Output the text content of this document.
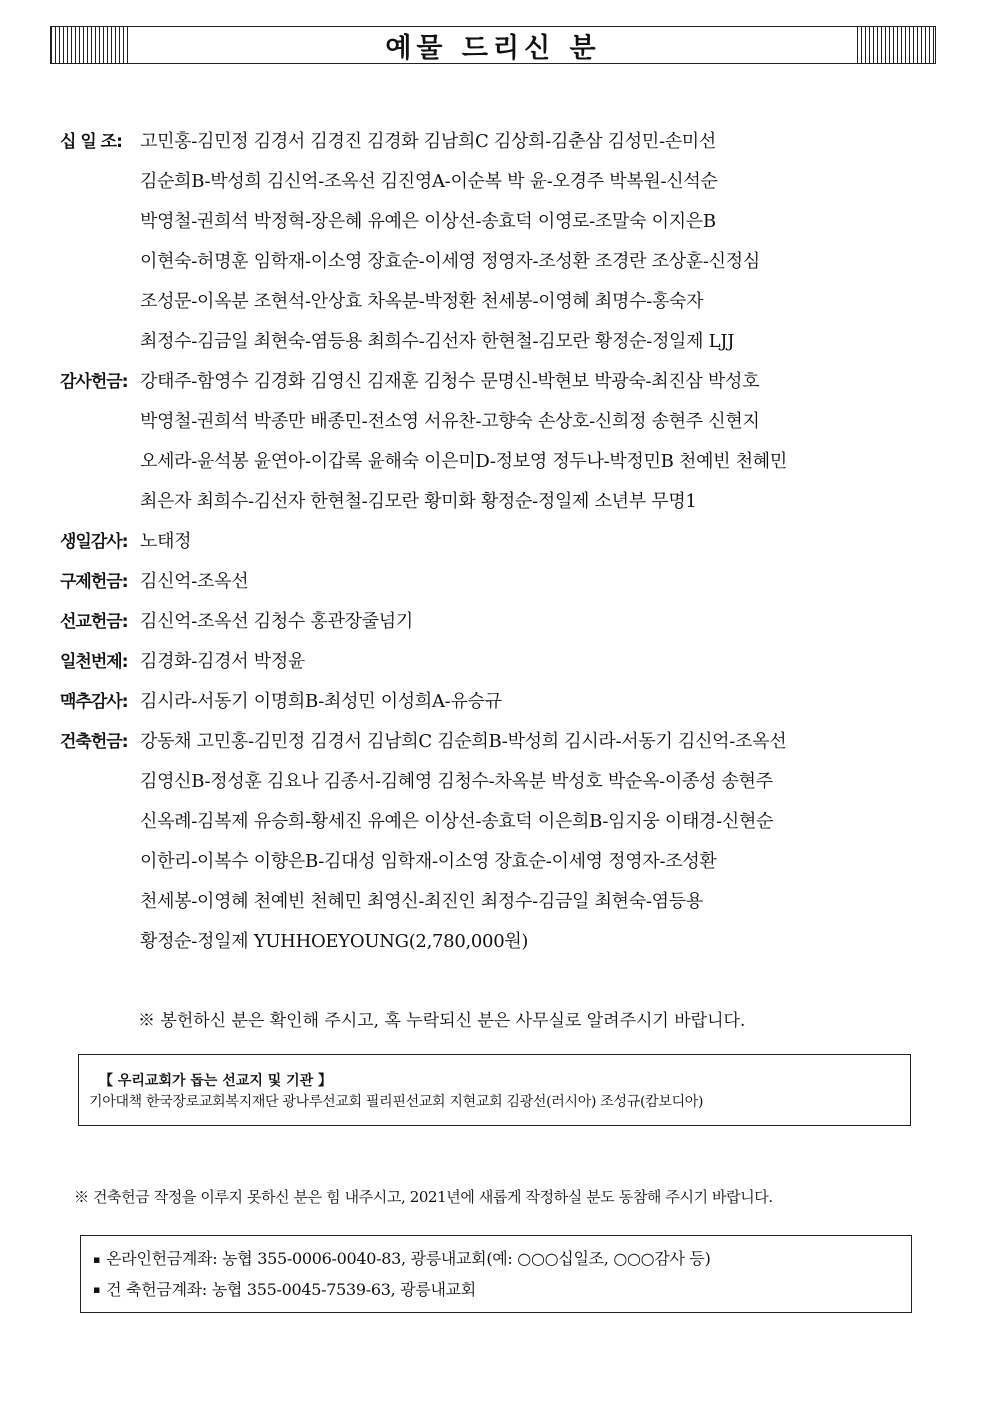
예물 드리신 분
십 일 조:	고민홍-김민정 김경서 김경진 김경화 김남희C 김상희-김춘삼 김성민-손미선
김순희B-박성희 김신억-조옥선 김진영A-이순복 박 윤-오경주 박복원-신석순
박영철-권희석 박정혁-장은혜 유예은 이상선-송효덕 이영로-조말숙 이지은B
이현숙-허명훈 임학재-이소영 장효순-이세영 정영자-조성환 조경란 조상훈-신정심
조성문-이옥분 조현석-안상효 차옥분-박정환 천세봉-이영혜 최명수-홍숙자
최정수-김금일 최현숙-염등용 최희수-김선자 한현철-김모란 황정순-정일제 LJJ
감사헌금: 강태주-함영수 김경화 김영신 김재훈 김청수 문명신-박현보 박광숙-최진삼 박성호
박영철-권희석 박종만 배종민-전소영 서유찬-고향숙 손상호-신희정 송현주 신현지
오세라-윤석봉 윤연아-이갑록 윤해숙 이은미D-정보영 정두나-박정민B 천예빈 천혜민
최은자 최희수-김선자 한현철-김모란 황미화 황정순-정일제 소년부 무명1
생일감사: 노태정
구제헌금: 김신억-조옥선
선교헌금: 김신억-조옥선 김청수 홍관장줄넘기
일천번제: 김경화-김경서 박정윤
맥추감사: 김시라-서동기 이명희B-최성민 이성희A-유승규
건축헌금: 강동채 고민홍-김민정 김경서 김남희C 김순희B-박성희 김시라-서동기 김신억-조옥선
김영신B-정성훈 김요나 김종서-김혜영 김청수-차옥분 박성호 박순옥-이종성 송현주
신옥례-김복제 유승희-황세진 유예은 이상선-송효덕 이은희B-임지웅 이태경-신현순
이한리-이복수 이향은B-김대성 임학재-이소영 장효순-이세영 정영자-조성환
천세봉-이영혜 천예빈 천혜민 최영신-최진인 최정수-김금일 최현숙-염등용
황정순-정일제 YUHHOEYOUNG(2,780,000원)
※ 봉헌하신 분은 확인해 주시고, 혹 누락되신 분은 사무실로 알려주시기 바랍니다.
【 우리교회가 돕는 선교지 및 기관 】
기아대책 한국장로교회복지재단 광나루선교회 필리핀선교회 지현교회 김광선(러시아) 조성규(캄보디아)
※ 건축헌금 작정을 이루지 못하신 분은 힘 내주시고, 2021년에 새롭게 작정하실 분도 동참해 주시기 바랍니다.
▪ 온라인헌금계좌: 농협 355-0006-0040-83, 광릉내교회(예: ○○○십일조, ○○○감사 등)
▪ 건 축헌금계좌: 농협 355-0045-7539-63, 광릉내교회
